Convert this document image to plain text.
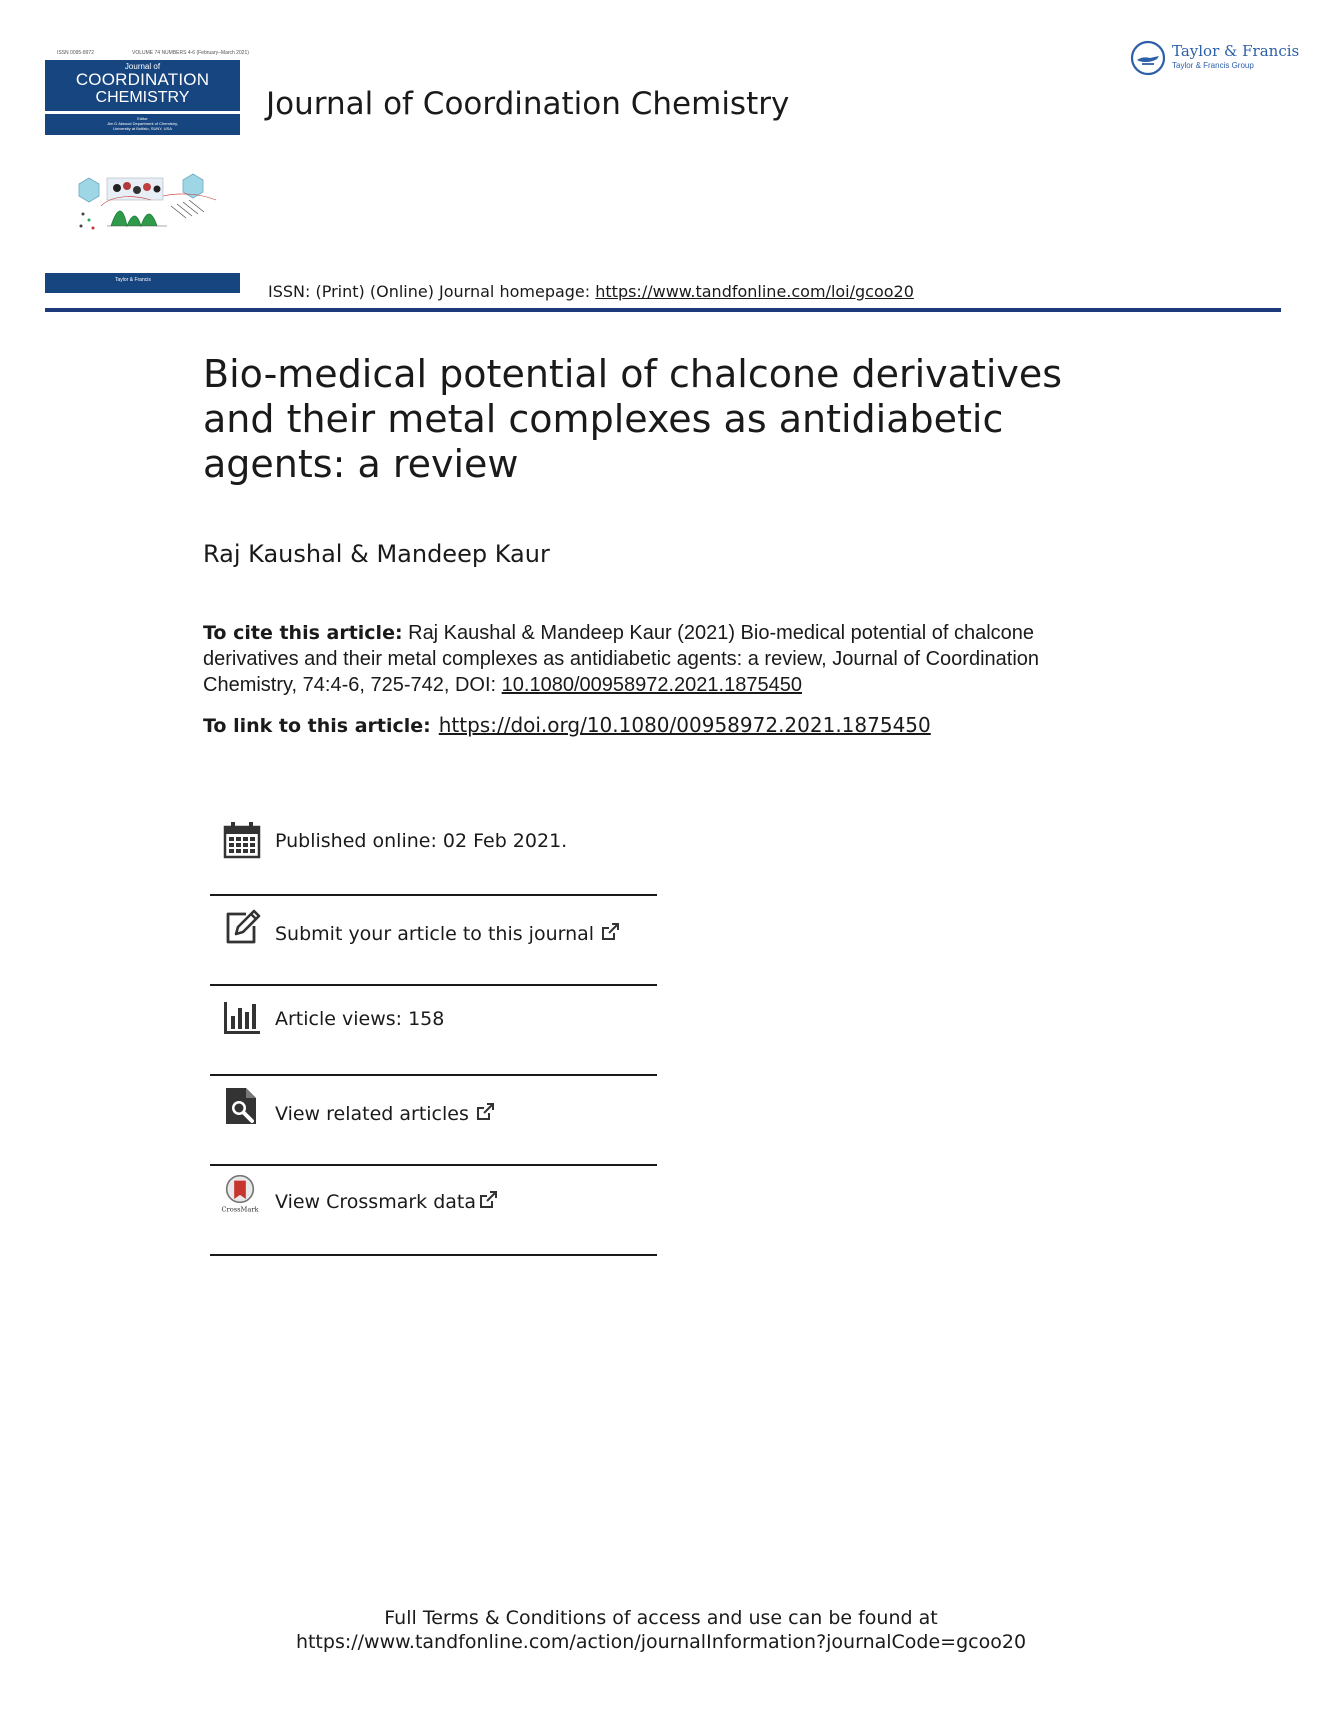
ISSN 0095-8972	VOLUME 74 NUMBERS 4-6 (February–March 2021)
Journal of
COORDINATION
CHEMISTRY
Editor
Jim D Atwood Department of Chemistry,
University at Buffalo, SUNY, USA
Taylor & Francis
Taylor & Francis
Taylor & Francis Group
Journal of Coordination Chemistry
ISSN: (Print) (Online) Journal homepage: https://www.tandfonline.com/loi/gcoo20
Bio-medical potential of chalcone derivatives and their metal complexes as antidiabetic agents: a review
Raj Kaushal & Mandeep Kaur
To cite this article: Raj Kaushal & Mandeep Kaur (2021) Bio-medical potential of chalcone derivatives and their metal complexes as antidiabetic agents: a review, Journal of Coordination Chemistry, 74:4-6, 725-742, DOI: 10.1080/00958972.2021.1875450
To link to this article: https://doi.org/10.1080/00958972.2021.1875450
Published online: 02 Feb 2021.
Submit your article to this journal
Article views: 158
View related articles
CrossMark View Crossmark data
Full Terms & Conditions of access and use can be found at
https://www.tandfonline.com/action/journalInformation?journalCode=gcoo20
